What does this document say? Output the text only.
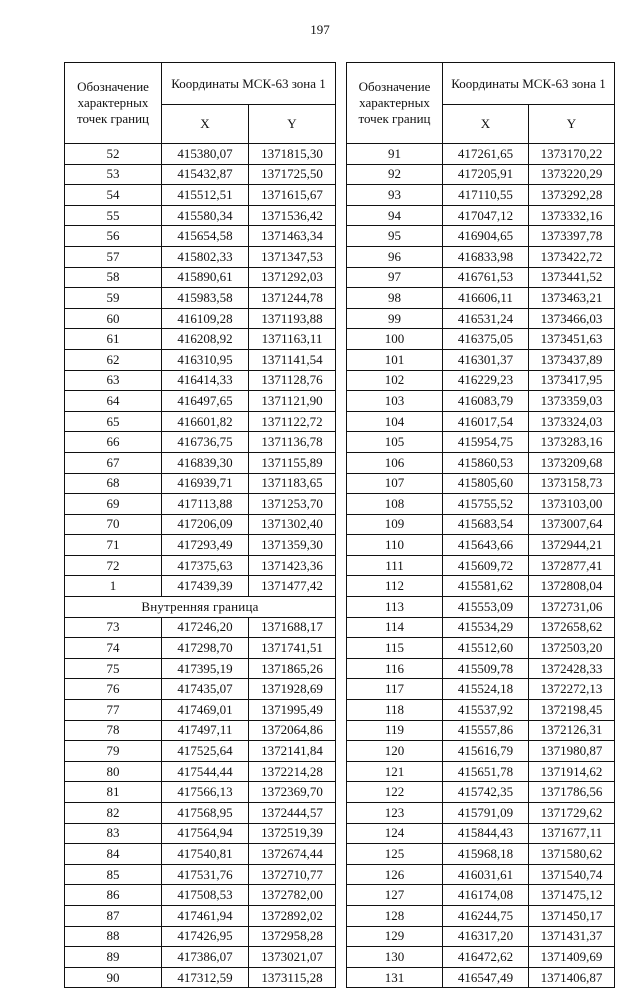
197
Обозначение характерных точек границ	Координаты МСК-63 зона 1	
	X	Y
52	415380,07	1371815,30
53	415432,87	1371725,50
54	415512,51	1371615,67
55	415580,34	1371536,42
56	415654,58	1371463,34
57	415802,33	1371347,53
58	415890,61	1371292,03
59	415983,58	1371244,78
60	416109,28	1371193,88
61	416208,92	1371163,11
62	416310,95	1371141,54
63	416414,33	1371128,76
64	416497,65	1371121,90
65	416601,82	1371122,72
66	416736,75	1371136,78
67	416839,30	1371155,89
68	416939,71	1371183,65
69	417113,88	1371253,70
70	417206,09	1371302,40
71	417293,49	1371359,30
72	417375,63	1371423,36
1	417439,39	1371477,42
Внутренняя граница		
73	417246,20	1371688,17
74	417298,70	1371741,51
75	417395,19	1371865,26
76	417435,07	1371928,69
77	417469,01	1371995,49
78	417497,11	1372064,86
79	417525,64	1372141,84
80	417544,44	1372214,28
81	417566,13	1372369,70
82	417568,95	1372444,57
83	417564,94	1372519,39
84	417540,81	1372674,44
85	417531,76	1372710,77
86	417508,53	1372782,00
87	417461,94	1372892,02
88	417426,95	1372958,28
89	417386,07	1373021,07
90	417312,59	1373115,28
Обозначение характерных точек границ	Координаты МСК-63 зона 1	
	X	Y
91	417261,65	1373170,22
92	417205,91	1373220,29
93	417110,55	1373292,28
94	417047,12	1373332,16
95	416904,65	1373397,78
96	416833,98	1373422,72
97	416761,53	1373441,52
98	416606,11	1373463,21
99	416531,24	1373466,03
100	416375,05	1373451,63
101	416301,37	1373437,89
102	416229,23	1373417,95
103	416083,79	1373359,03
104	416017,54	1373324,03
105	415954,75	1373283,16
106	415860,53	1373209,68
107	415805,60	1373158,73
108	415755,52	1373103,00
109	415683,54	1373007,64
110	415643,66	1372944,21
111	415609,72	1372877,41
112	415581,62	1372808,04
113	415553,09	1372731,06
114	415534,29	1372658,62
115	415512,60	1372503,20
116	415509,78	1372428,33
117	415524,18	1372272,13
118	415537,92	1372198,45
119	415557,86	1372126,31
120	415616,79	1371980,87
121	415651,78	1371914,62
122	415742,35	1371786,56
123	415791,09	1371729,62
124	415844,43	1371677,11
125	415968,18	1371580,62
126	416031,61	1371540,74
127	416174,08	1371475,12
128	416244,75	1371450,17
129	416317,20	1371431,37
130	416472,62	1371409,69
131	416547,49	1371406,87
